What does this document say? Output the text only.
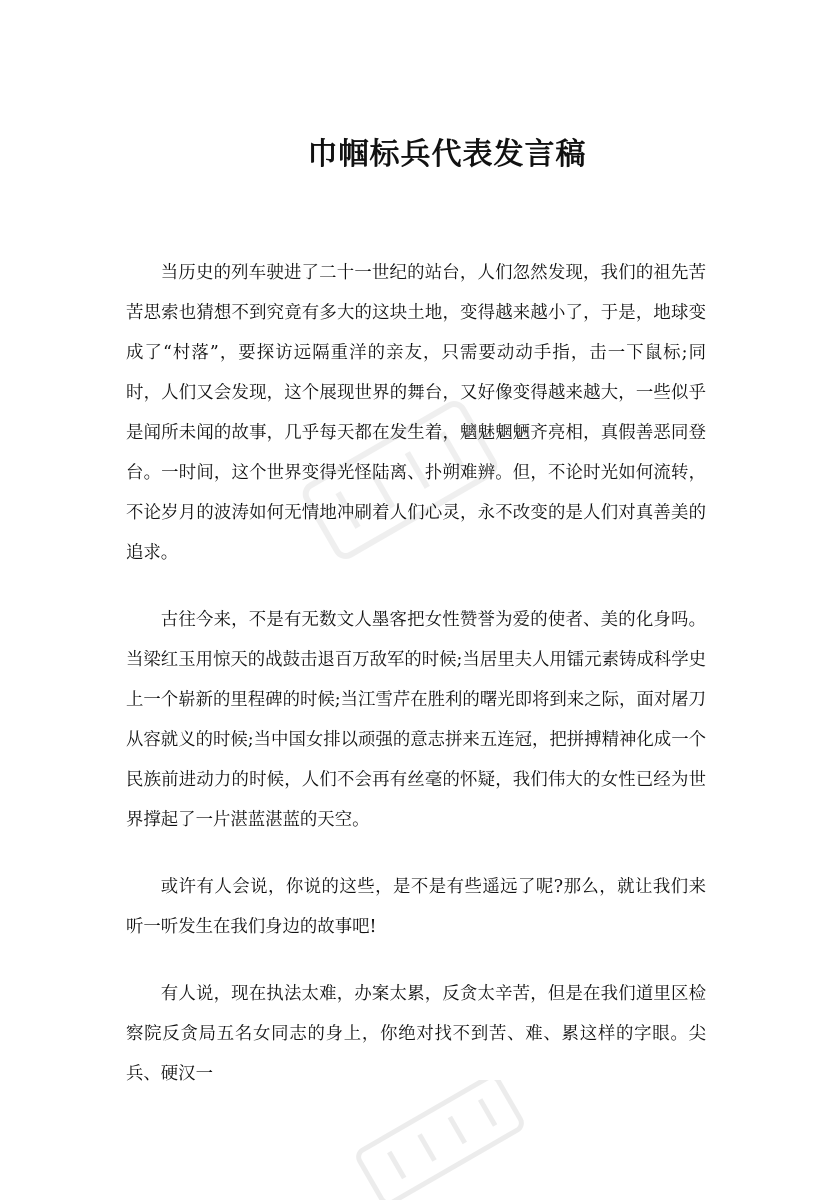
巾帼标兵代表发言稿

当历史的列车驶进了二十一世纪的站台，人们忽然发现，我们的祖先苦苦思索也猜想不到究竟有多大的这块土地，变得越来越小了，于是，地球变成了“村落”，要探访远隔重洋的亲友，只需要动动手指，击一下鼠标;同时，人们又会发现，这个展现世界的舞台，又好像变得越来越大，一些似乎是闻所未闻的故事，几乎每天都在发生着，魑魅魍魉齐亮相，真假善恶同登台。一时间，这个世界变得光怪陆离、扑朔难辨。但，不论时光如何流转，不论岁月的波涛如何无情地冲刷着人们心灵，永不改变的是人们对真善美的追求。

古往今来，不是有无数文人墨客把女性赞誉为爱的使者、美的化身吗。当梁红玉用惊天的战鼓击退百万敌军的时候;当居里夫人用镭元素铸成科学史上一个崭新的里程碑的时候;当江雪芹在胜利的曙光即将到来之际，面对屠刀从容就义的时候;当中国女排以顽强的意志拼来五连冠，把拼搏精神化成一个民族前进动力的时候，人们不会再有丝毫的怀疑，我们伟大的女性已经为世界撑起了一片湛蓝湛蓝的天空。

或许有人会说，你说的这些，是不是有些遥远了呢?那么，就让我们来听一听发生在我们身边的故事吧!

有人说，现在执法太难，办案太累，反贪太辛苦，但是在我们道里区检察院反贪局五名女同志的身上，你绝对找不到苦、难、累这样的字眼。尖兵、硬汉一
